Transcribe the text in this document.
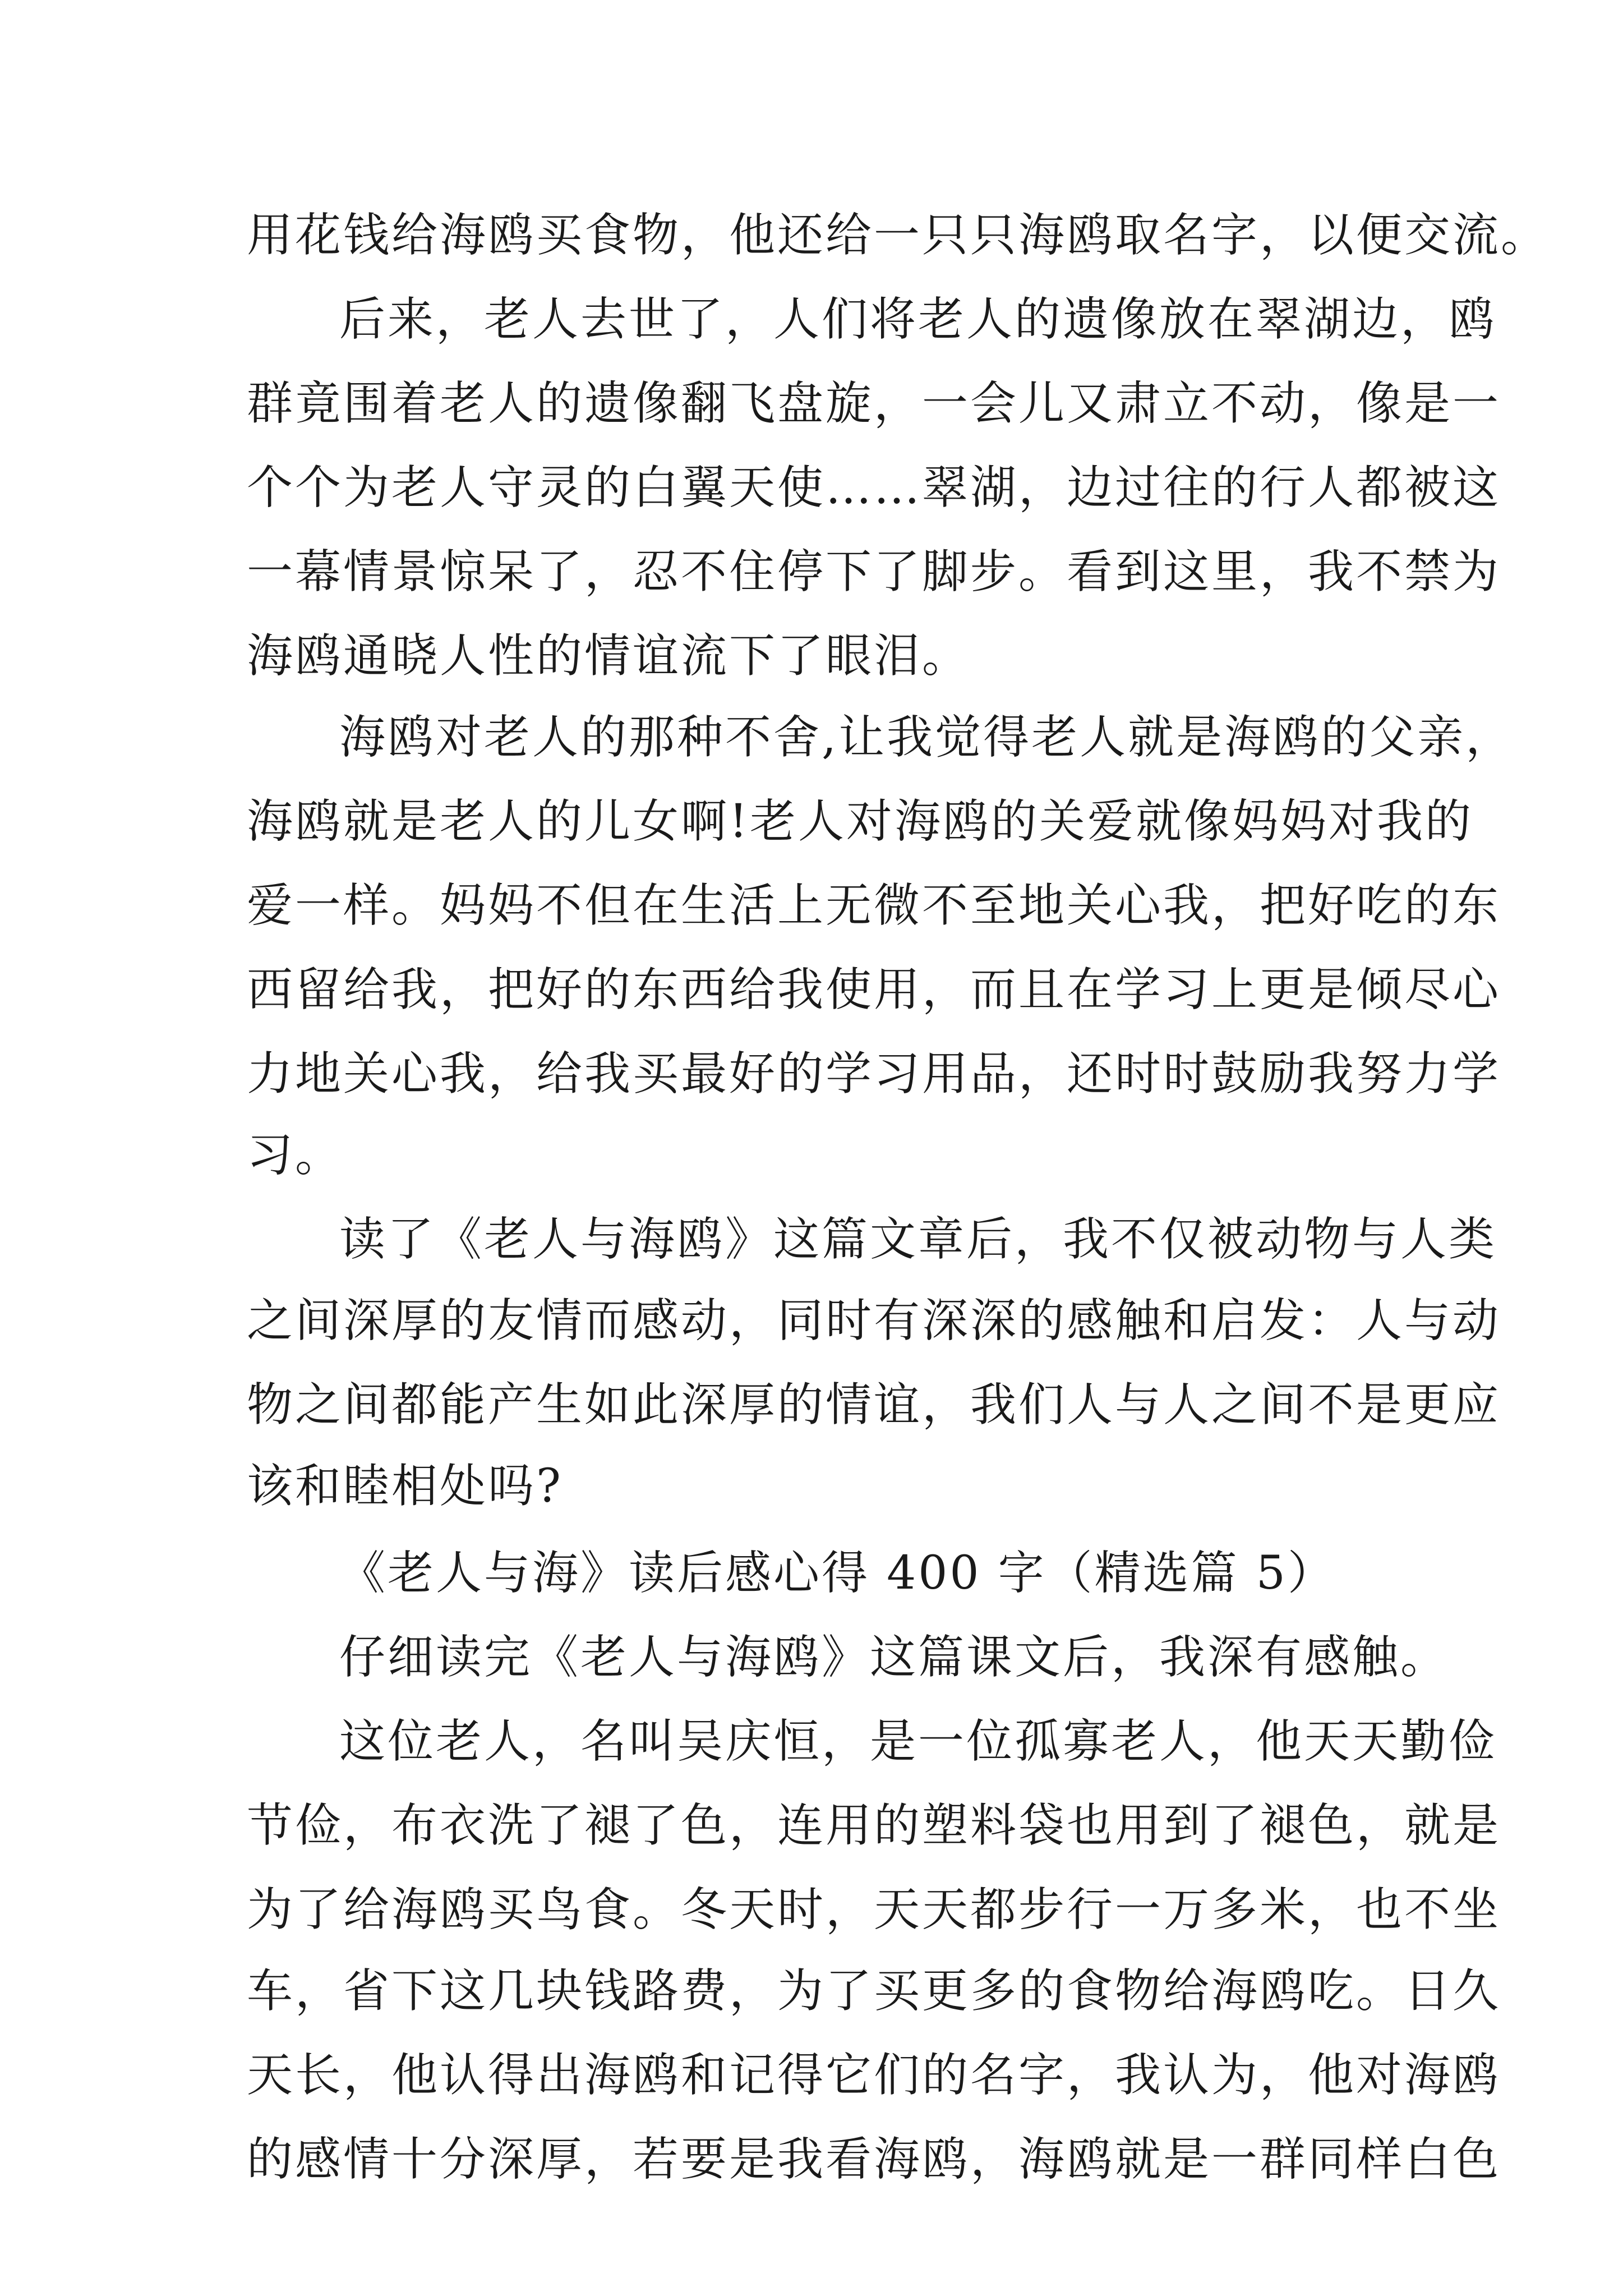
用花钱给海鸥买食物，他还给一只只海鸥取名字，以便交流。
后来，老人去世了，人们将老人的遗像放在翠湖边，鸥
群竟围着老人的遗像翻飞盘旋，一会儿又肃立不动，像是一
个个为老人守灵的白翼天使……翠湖，边过往的行人都被这
一幕情景惊呆了，忍不住停下了脚步。看到这里，我不禁为
海鸥通晓人性的情谊流下了眼泪。
海鸥对老人的那种不舍,让我觉得老人就是海鸥的父亲，
海鸥就是老人的儿女啊!老人对海鸥的关爱就像妈妈对我的
爱一样。妈妈不但在生活上无微不至地关心我，把好吃的东
西留给我，把好的东西给我使用，而且在学习上更是倾尽心
力地关心我，给我买最好的学习用品，还时时鼓励我努力学
习。
读了《老人与海鸥》这篇文章后，我不仅被动物与人类
之间深厚的友情而感动，同时有深深的感触和启发：人与动
物之间都能产生如此深厚的情谊，我们人与人之间不是更应
该和睦相处吗?
《老人与海》读后感心得 400 字（精选篇 5）
仔细读完《老人与海鸥》这篇课文后，我深有感触。
这位老人，名叫吴庆恒，是一位孤寡老人，他天天勤俭
节俭，布衣洗了褪了色，连用的塑料袋也用到了褪色，就是
为了给海鸥买鸟食。冬天时，天天都步行一万多米，也不坐
车，省下这几块钱路费，为了买更多的食物给海鸥吃。日久
天长，他认得出海鸥和记得它们的名字，我认为，他对海鸥
的感情十分深厚，若要是我看海鸥，海鸥就是一群同样白色
